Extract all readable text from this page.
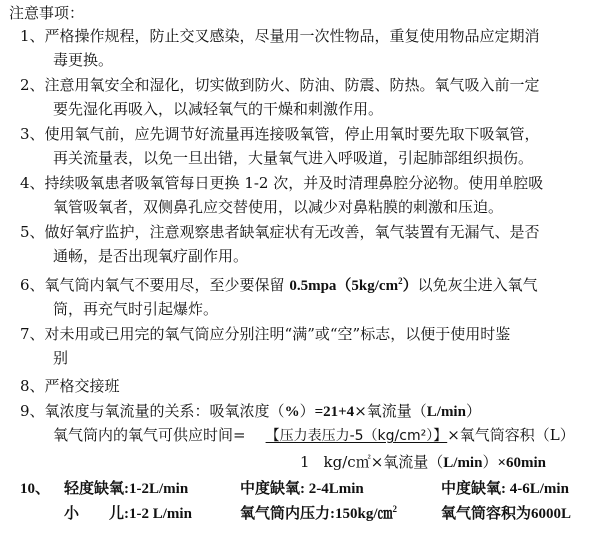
注意事项：
1、严格操作规程，防止交叉感染，尽量用一次性物品，重复使用物品应定期消
毒更换。
2、注意用氧安全和湿化，切实做到防火、防油、防震、防热。氧气吸入前一定
要先湿化再吸入，以减轻氧气的干燥和刺激作用。
3、使用氧气前，应先调节好流量再连接吸氧管，停止用氧时要先取下吸氧管，
再关流量表，以免一旦出错，大量氧气进入呼吸道，引起肺部组织损伤。
4、持续吸氧患者吸氧管每日更换 1-2 次，并及时清理鼻腔分泌物。使用单腔吸
氧管吸氧者，双侧鼻孔应交替使用，以减少对鼻粘膜的刺激和压迫。
5、做好氧疗监护，注意观察患者缺氧症状有无改善，氧气装置有无漏气、是否
通畅，是否出现氧疗副作用。
6、氧气筒内氧气不要用尽，至少要保留 $0.5mpa(5kg/cm^2)$以免灰尘进入氧气
筒，再充气时引起爆炸。
7、对未用或已用完的氧气筒应分别注明“满”或“空”标志，以便于使用时鉴
别
8、严格交接班
9、氧浓度与氧流量的关系：吸氧浓度（%）=21+4×氧流量（L/min）
氧气筒内的氧气可供应时间= 【压力表压力-5（kg/cm²）】×氧气筒容积（L）
1 kg/c㎡×氧流量（L/min）×60min
10、 轻度缺氧:1-2L/min	中度缺氧: 2-4Lmin	中度缺氧: 4-6L/min
小　　儿:1-2 L/min	氧气筒内压力:150kg/㎝$^2$	氧气筒容积为6000L
